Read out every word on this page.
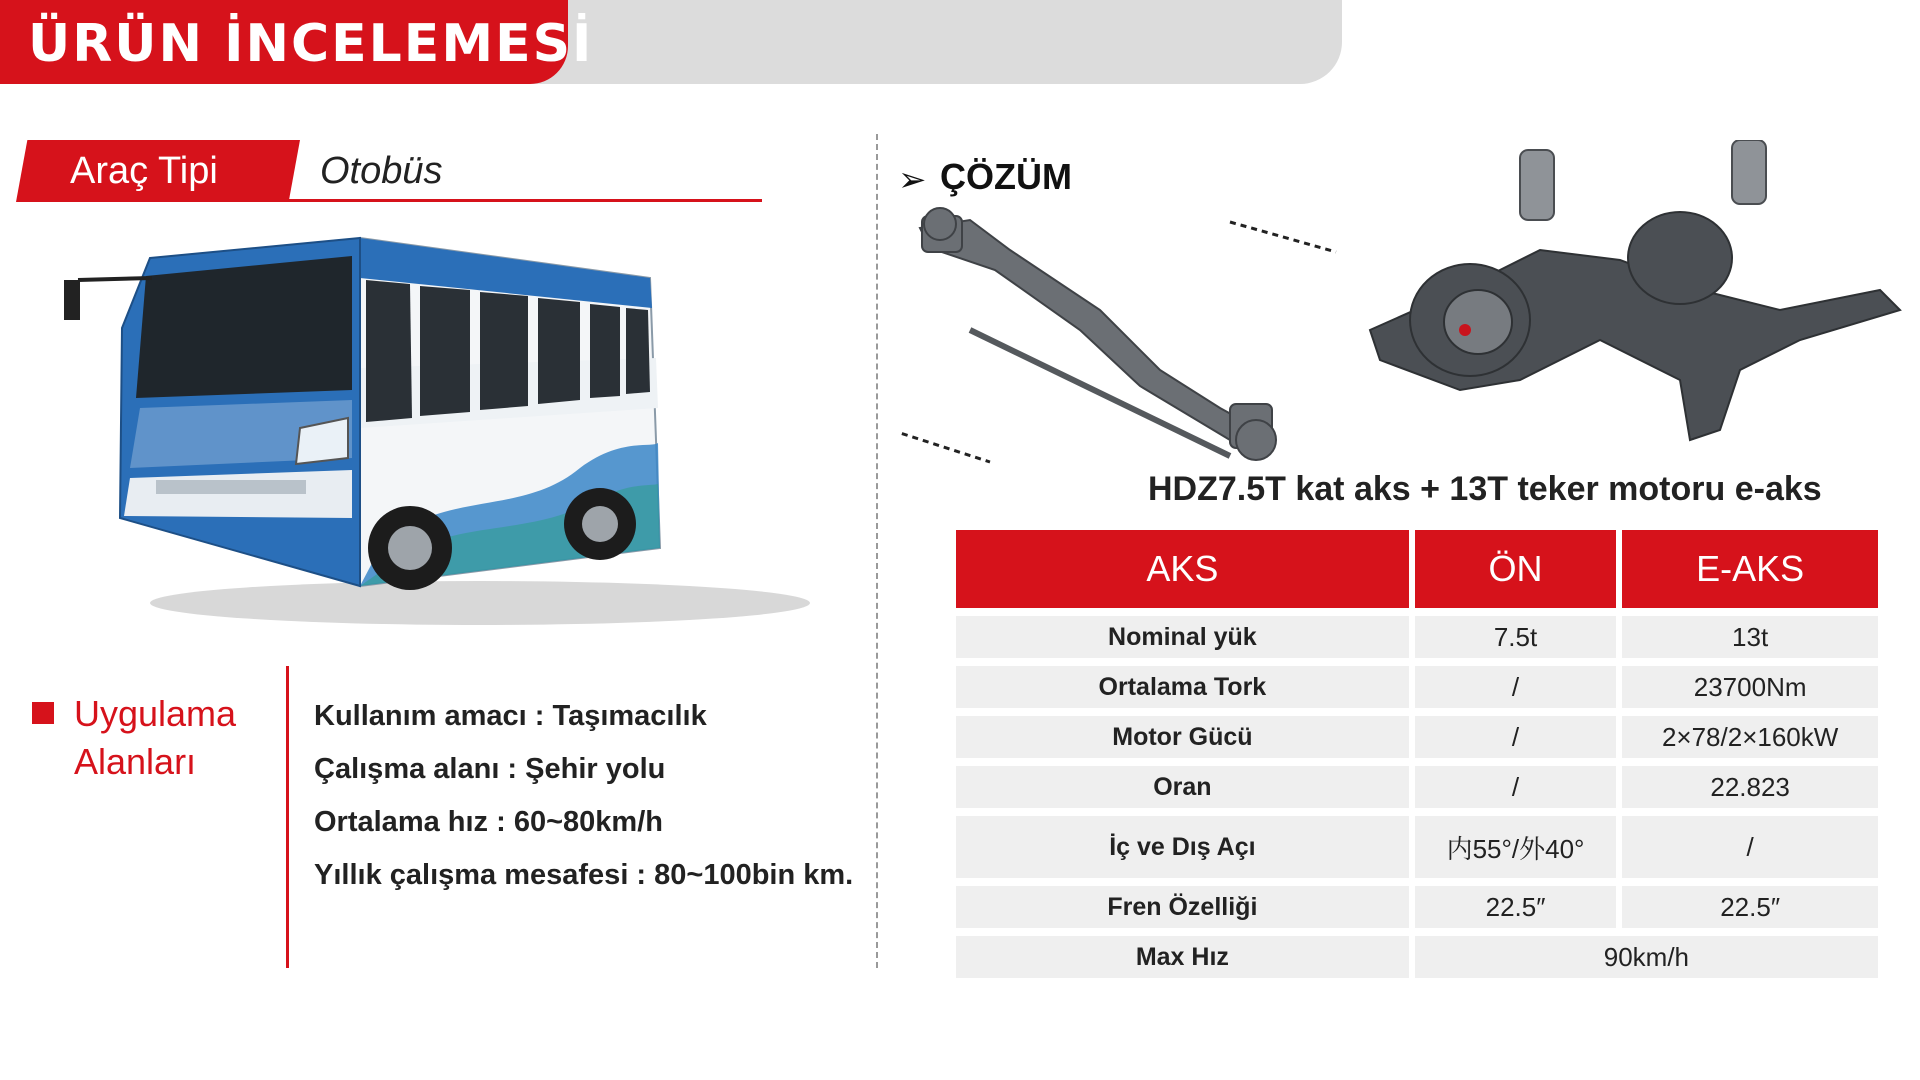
ÜRÜN İNCELEMESİ
Araç Tipi	Otobüs
Uygulama
Alanları
Kullanım amacı : Taşımacılık
Çalışma alanı : Şehir yolu
Ortalama hız : 60~80km/h
Yıllık çalışma mesafesi : 80~100bin km.
➢ ÇÖZÜM
HDZ7.5T kat aks + 13T teker motoru e-aks
AKS	ÖN	E-AKS
Nominal yük	7.5t	13t
Ortalama Tork	/	23700Nm
Motor Gücü	/	2×78/2×160kW
Oran	/	22.823
İç ve Dış Açı	内55°/外40°	/
Fren Özelliği	22.5″	22.5″
Max Hız	90km/h	
